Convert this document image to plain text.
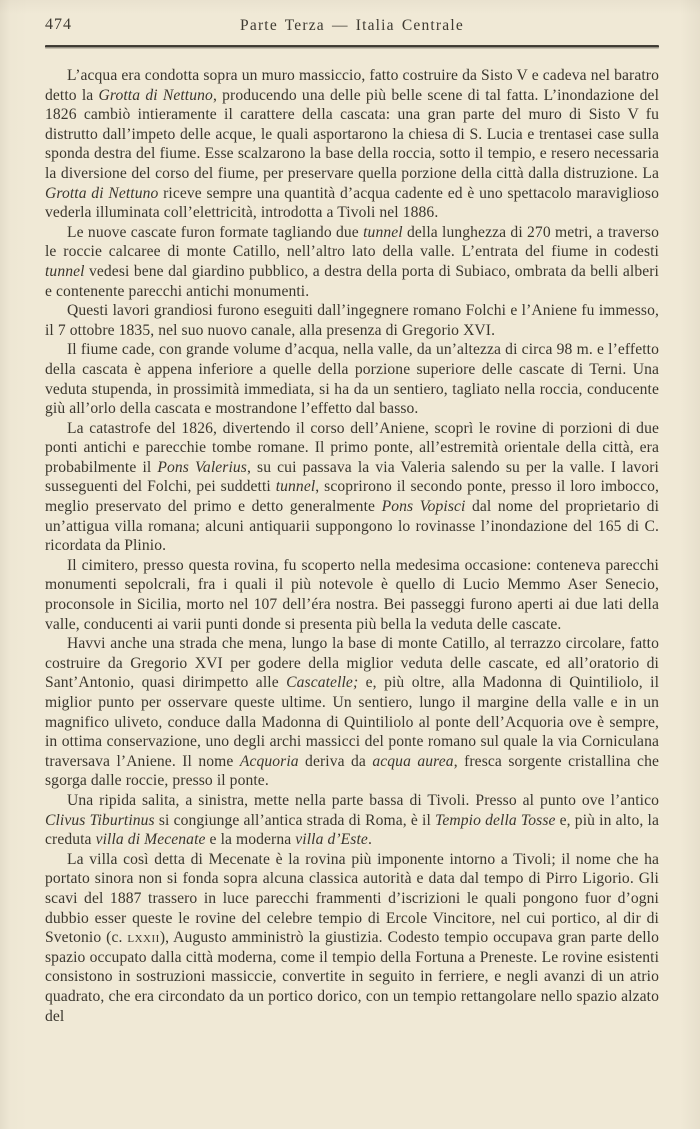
474	Parte Terza — Italia Centrale

L’acqua era condotta sopra un muro massiccio, fatto costruire da Sisto V e cadeva nel baratro detto la Grotta di Nettuno, producendo una delle più belle scene di tal fatta. L’inondazione del 1826 cambiò intieramente il carattere della cascata: una gran parte del muro di Sisto V fu distrutto dall’impeto delle acque, le quali asportarono la chiesa di S. Lucia e trentasei case sulla sponda destra del fiume. Esse scalzarono la base della roccia, sotto il tempio, e resero necessaria la diversione del corso del fiume, per preservare quella porzione della città dalla distruzione. La Grotta di Nettuno riceve sempre una quantità d’acqua cadente ed è uno spettacolo maraviglioso vederla illuminata coll’elettricità, introdotta a Tivoli nel 1886.

Le nuove cascate furon formate tagliando due tunnel della lunghezza di 270 metri, a traverso le roccie calcaree di monte Catillo, nell’altro lato della valle. L’entrata del fiume in codesti tunnel vedesi bene dal giardino pubblico, a destra della porta di Subiaco, ombrata da belli alberi e contenente parecchi antichi monumenti.

Questi lavori grandiosi furono eseguiti dall’ingegnere romano Folchi e l’Aniene fu immesso, il 7 ottobre 1835, nel suo nuovo canale, alla presenza di Gregorio XVI.

Il fiume cade, con grande volume d’acqua, nella valle, da un’altezza di circa 98 m. e l’effetto della cascata è appena inferiore a quelle della porzione superiore delle cascate di Terni. Una veduta stupenda, in prossimità immediata, si ha da un sentiero, tagliato nella roccia, conducente giù all’orlo della cascata e mostrandone l’effetto dal basso.

La catastrofe del 1826, divertendo il corso dell’Aniene, scoprì le rovine di porzioni di due ponti antichi e parecchie tombe romane. Il primo ponte, all’estremità orientale della città, era probabilmente il Pons Valerius, su cui passava la via Valeria salendo su per la valle. I lavori susseguenti del Folchi, pei suddetti tunnel, scoprirono il secondo ponte, presso il loro imbocco, meglio preservato del primo e detto generalmente Pons Vopisci dal nome del proprietario di un’attigua villa romana; alcuni antiquarii suppongono lo rovinasse l’inondazione del 165 di C. ricordata da Plinio.

Il cimitero, presso questa rovina, fu scoperto nella medesima occasione: conteneva parecchi monumenti sepolcrali, fra i quali il più notevole è quello di Lucio Memmo Aser Senecio, proconsole in Sicilia, morto nel 107 dell’éra nostra. Bei passeggi furono aperti ai due lati della valle, conducenti ai varii punti donde si presenta più bella la veduta delle cascate.

Havvi anche una strada che mena, lungo la base di monte Catillo, al terrazzo circolare, fatto costruire da Gregorio XVI per godere della miglior veduta delle cascate, ed all’oratorio di Sant’Antonio, quasi dirimpetto alle Cascatelle; e, più oltre, alla Madonna di Quintiliolo, il miglior punto per osservare queste ultime. Un sentiero, lungo il margine della valle e in un magnifico uliveto, conduce dalla Madonna di Quintiliolo al ponte dell’Acquoria ove è sempre, in ottima conservazione, uno degli archi massicci del ponte romano sul quale la via Corniculana traversava l’Aniene. Il nome Acquoria deriva da acqua aurea, fresca sorgente cristallina che sgorga dalle roccie, presso il ponte.

Una ripida salita, a sinistra, mette nella parte bassa di Tivoli. Presso al punto ove l’antico Clivus Tiburtinus si congiunge all’antica strada di Roma, è il Tempio della Tosse e, più in alto, la creduta villa di Mecenate e la moderna villa d’Este.

La villa così detta di Mecenate è la rovina più imponente intorno a Tivoli; il nome che ha portato sinora non si fonda sopra alcuna classica autorità e data dal tempo di Pirro Ligorio. Gli scavi del 1887 trassero in luce parecchi frammenti d’iscrizioni le quali pongono fuor d’ogni dubbio esser queste le rovine del celebre tempio di Ercole Vincitore, nel cui portico, al dir di Svetonio (c. lxxii), Augusto amministrò la giustizia. Codesto tempio occupava gran parte dello spazio occupato dalla città moderna, come il tempio della Fortuna a Preneste. Le rovine esistenti consistono in sostruzioni massiccie, convertite in seguito in ferriere, e negli avanzi di un atrio quadrato, che era circondato da un portico dorico, con un tempio rettangolare nello spazio alzato del
